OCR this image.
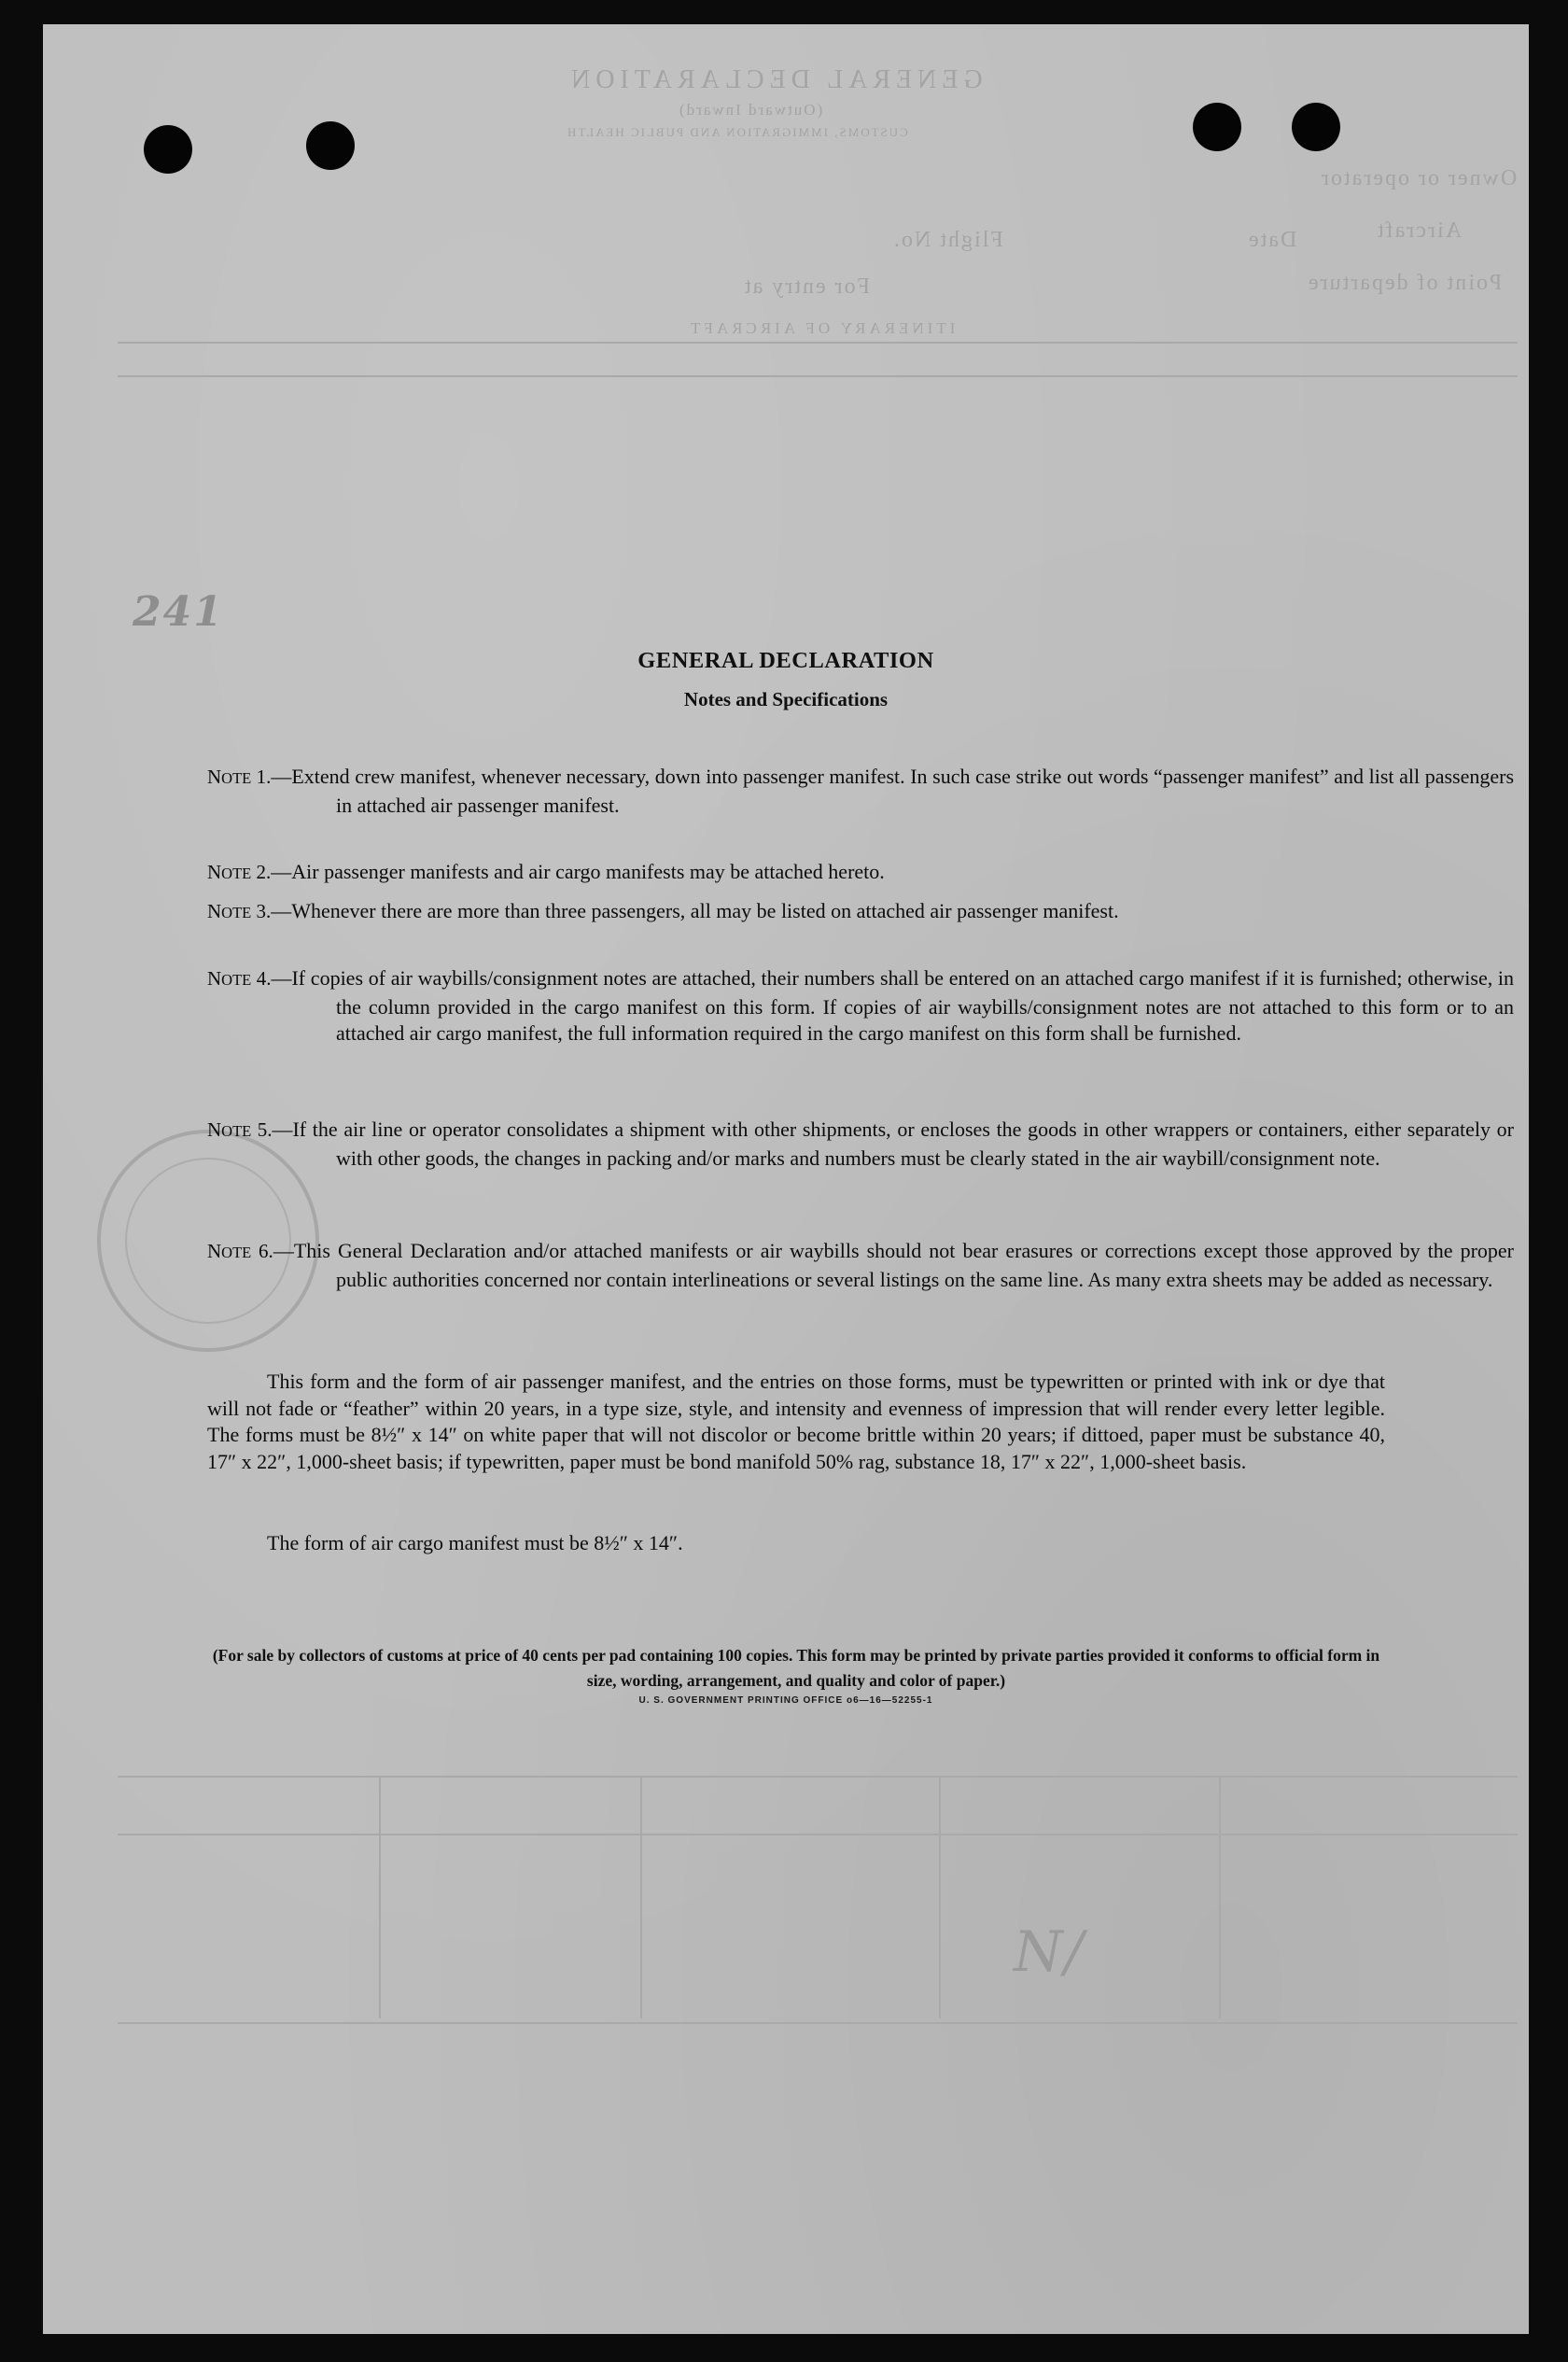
GENERAL DECLARATION
(Outward Inward)
CUSTOMS, IMMIGRATION AND PUBLIC HEALTH
Owner or operator
Aircraft
Flight No.	Date
Point of departure
For entry at
ITINERARY OF AIRCRAFT
241
N/
GENERAL DECLARATION
Notes and Specifications
NOTE 1.—Extend crew manifest, whenever necessary, down into passenger manifest. In such case strike out words “passenger manifest” and list all passengers in attached air passenger manifest.
NOTE 2.—Air passenger manifests and air cargo manifests may be attached hereto.
NOTE 3.—Whenever there are more than three passengers, all may be listed on attached air passenger manifest.
NOTE 4.—If copies of air waybills/consignment notes are attached, their numbers shall be entered on an attached cargo manifest if it is furnished; otherwise, in the column provided in the cargo manifest on this form. If copies of air waybills/consignment notes are not attached to this form or to an attached air cargo manifest, the full information required in the cargo manifest on this form shall be furnished.
NOTE 5.—If the air line or operator consolidates a shipment with other shipments, or encloses the goods in other wrappers or containers, either separately or with other goods, the changes in packing and/or marks and numbers must be clearly stated in the air waybill/consignment note.
NOTE 6.—This General Declaration and/or attached manifests or air waybills should not bear erasures or corrections except those approved by the proper public authorities concerned nor contain interlineations or several listings on the same line. As many extra sheets may be added as necessary.
This form and the form of air passenger manifest, and the entries on those forms, must be typewritten or printed with ink or dye that will not fade or “feather” within 20 years, in a type size, style, and intensity and evenness of impression that will render every letter legible. The forms must be 8½″ x 14″ on white paper that will not discolor or become brittle within 20 years; if dittoed, paper must be substance 40, 17″ x 22″, 1,000-sheet basis; if typewritten, paper must be bond manifold 50% rag, substance 18, 17″ x 22″, 1,000-sheet basis.
The form of air cargo manifest must be 8½″ x 14″.
(For sale by collectors of customs at price of 40 cents per pad containing 100 copies. This form may be printed by private parties provided it conforms to official form in size, wording, arrangement, and quality and color of paper.)
U. S. GOVERNMENT PRINTING OFFICE o6—16—52255-1
